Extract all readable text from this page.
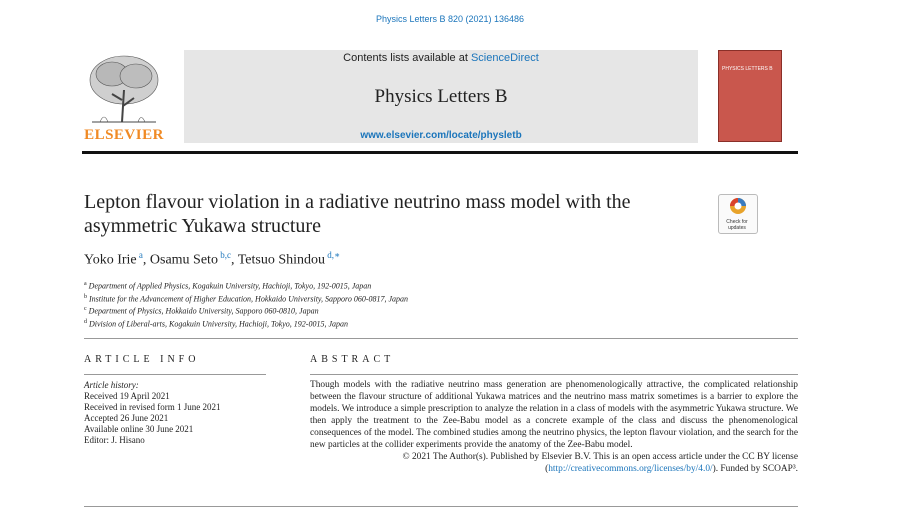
Physics Letters B 820 (2021) 136486
ELSEVIER
Contents lists available at ScienceDirect
Physics Letters B
www.elsevier.com/locate/physletb
PHYSICS LETTERS B
Lepton flavour violation in a radiative neutrino mass model with the asymmetric Yukawa structure	Check for updates
Yoko Irie $^a$, Osamu Seto $^{b,c}$, Tetsuo Shindou $^{d,∗}$
$^a$ Department of Applied Physics, Kogakuin University, Hachioji, Tokyo, 192-0015, Japan
$^b$ Institute for the Advancement of Higher Education, Hokkaido University, Sapporo 060-0817, Japan
$^c$ Department of Physics, Hokkaido University, Sapporo 060-0810, Japan
$^d$ Division of Liberal-arts, Kogakuin University, Hachioji, Tokyo, 192-0015, Japan
ARTICLE INFO	ABSTRACT
Article history:
Received 19 April 2021
Received in revised form 1 June 2021
Accepted 26 June 2021
Available online 30 June 2021
Editor: J. Hisano
Though models with the radiative neutrino mass generation are phenomenologically attractive, the complicated relationship between the flavour structure of additional Yukawa matrices and the neutrino mass matrix sometimes is a barrier to explore the models. We introduce a simple prescription to analyze the relation in a class of models with the asymmetric Yukawa structure. We then apply the treatment to the Zee-Babu model as a concrete example of the class and discuss the phenomenological consequences of the model. The combined studies among the neutrino physics, the lepton flavour violation, and the search for the new particles at the collider experiments provide the anatomy of the Zee-Babu model.
© 2021 The Author(s). Published by Elsevier B.V. This is an open access article under the CC BY license
(http://creativecommons.org/licenses/by/4.0/). Funded by SCOAP³.
